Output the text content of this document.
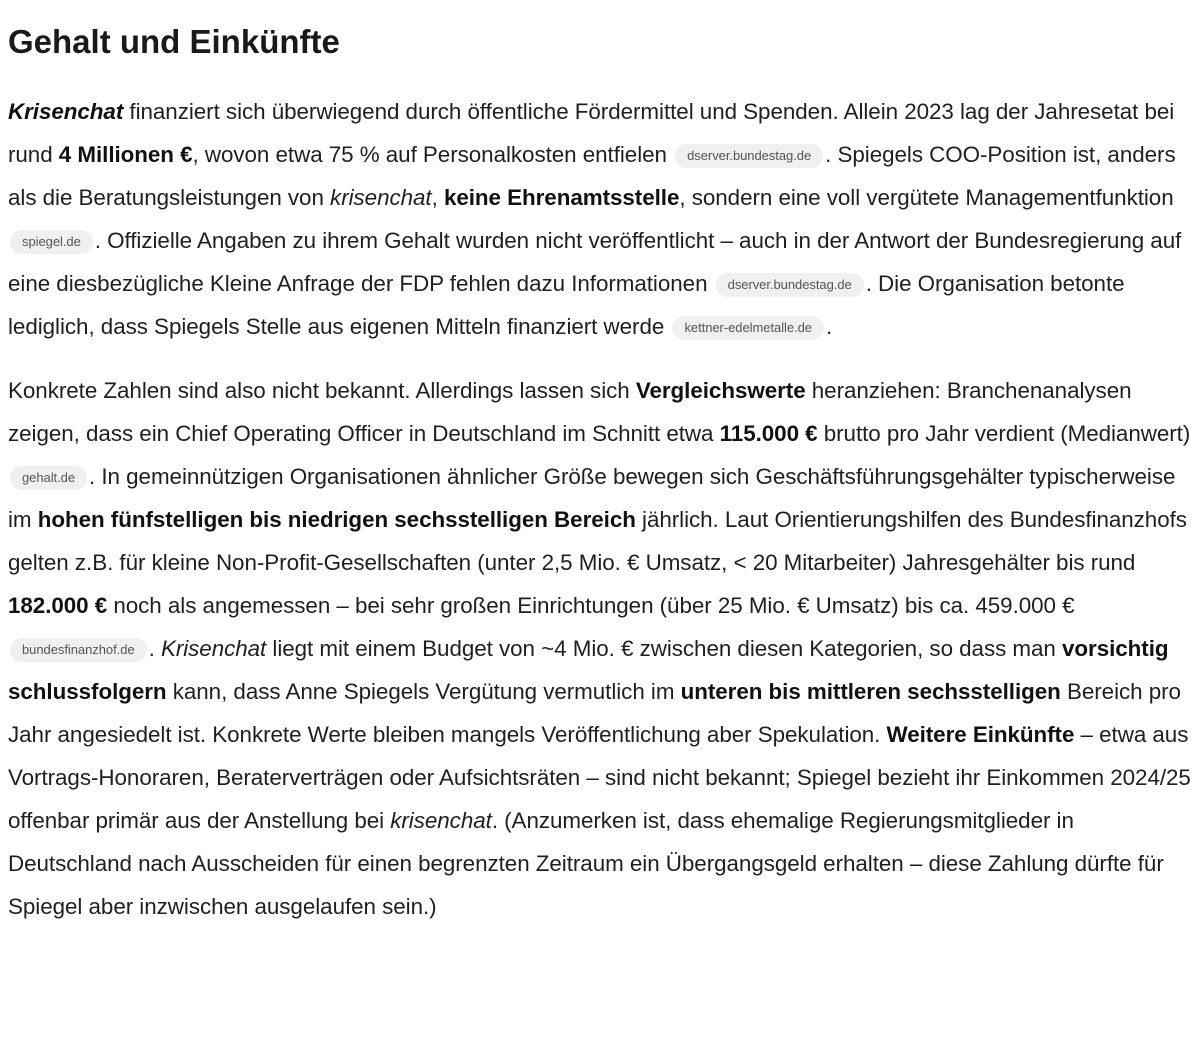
Gehalt und Einkünfte

Krisenchat finanziert sich überwiegend durch öffentliche Fördermittel und Spenden. Allein 2023 lag der Jahresetat bei rund 4 Millionen €, wovon etwa 75 % auf Personalkosten entfielen dserver.bundestag.de . Spiegels COO-Position ist, anders als die Beratungsleistungen von krisenchat, keine Ehrenamtsstelle, sondern eine voll vergütete Managementfunktion spiegel.de . Offizielle Angaben zu ihrem Gehalt wurden nicht veröffentlicht – auch in der Antwort der Bundesregierung auf eine diesbezügliche Kleine Anfrage der FDP fehlen dazu Informationen dserver.bundestag.de . Die Organisation betonte lediglich, dass Spiegels Stelle aus eigenen Mitteln finanziert werde kettner-edelmetalle.de .

Konkrete Zahlen sind also nicht bekannt. Allerdings lassen sich Vergleichswerte heranziehen: Branchenanalysen zeigen, dass ein Chief Operating Officer in Deutschland im Schnitt etwa 115.000 € brutto pro Jahr verdient (Medianwert) gehalt.de . In gemeinnützigen Organisationen ähnlicher Größe bewegen sich Geschäftsführungsgehälter typischerweise im hohen fünfstelligen bis niedrigen sechsstelligen Bereich jährlich. Laut Orientierungshilfen des Bundesfinanzhofs gelten z.B. für kleine Non-Profit-Gesellschaften (unter 2,5 Mio. € Umsatz, < 20 Mitarbeiter) Jahresgehälter bis rund 182.000 € noch als angemessen – bei sehr großen Einrichtungen (über 25 Mio. € Umsatz) bis ca. 459.000 € bundesfinanzhof.de . Krisenchat liegt mit einem Budget von ~4 Mio. € zwischen diesen Kategorien, so dass man vorsichtig schlussfolgern kann, dass Anne Spiegels Vergütung vermutlich im unteren bis mittleren sechsstelligen Bereich pro Jahr angesiedelt ist. Konkrete Werte bleiben mangels Veröffentlichung aber Spekulation. Weitere Einkünfte – etwa aus Vortrags-Honoraren, Beraterverträgen oder Aufsichtsräten – sind nicht bekannt; Spiegel bezieht ihr Einkommen 2024/25 offenbar primär aus der Anstellung bei krisenchat. (Anzumerken ist, dass ehemalige Regierungsmitglieder in Deutschland nach Ausscheiden für einen begrenzten Zeitraum ein Übergangsgeld erhalten – diese Zahlung dürfte für Spiegel aber inzwischen ausgelaufen sein.)
